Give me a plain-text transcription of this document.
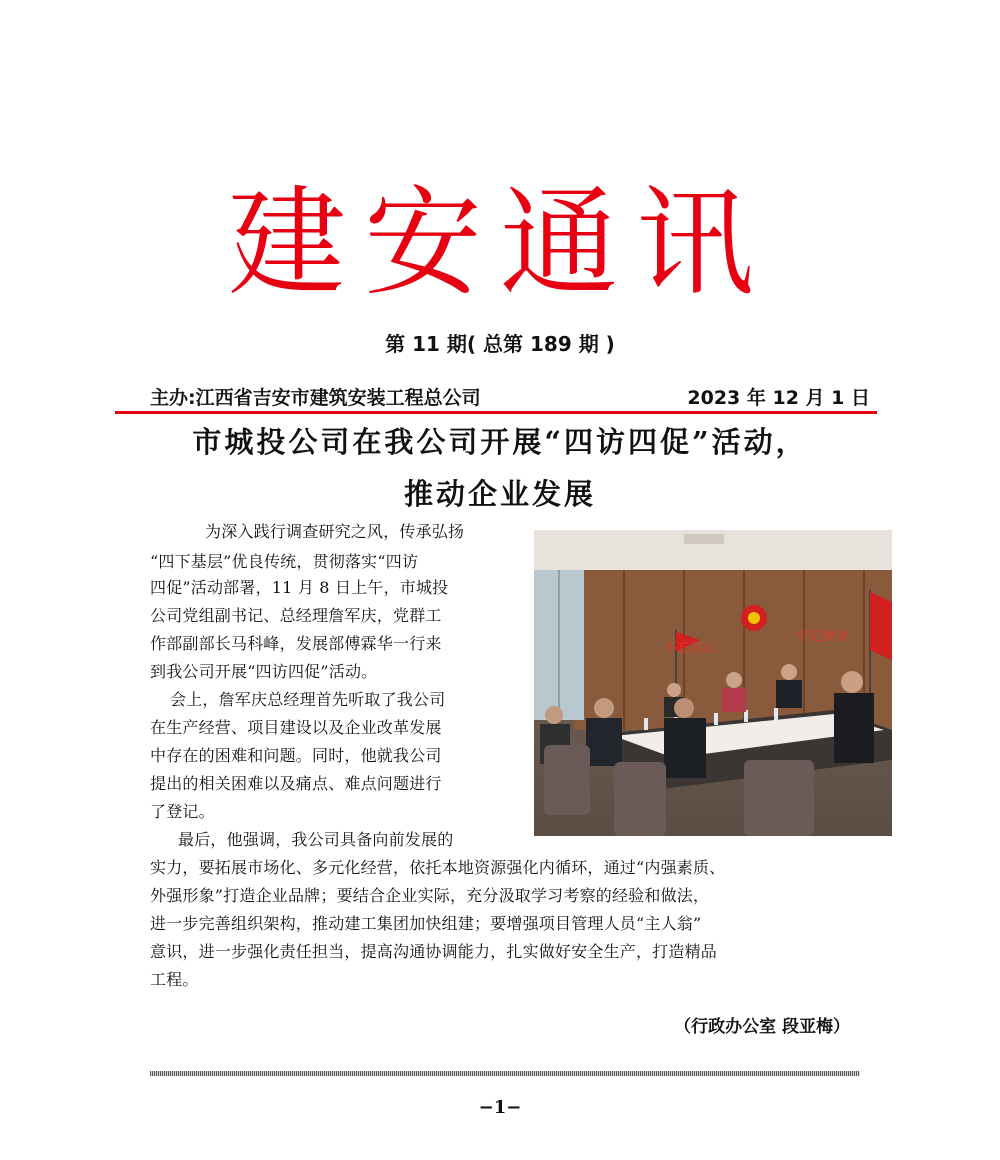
建安通讯
第 11 期( 总第 189 期 )
主办:江西省吉安市建筑安装工程总公司	2023 年 12 月 1 日
市城投公司在我公司开展“四访四促”活动，
推动企业发展
不忘初心
牢记使命
为深入践行调查研究之风，传承弘扬
“四下基层”优良传统，贯彻落实“四访
四促”活动部署，11 月 8 日上午，市城投
公司党组副书记、总经理詹军庆，党群工
作部副部长马科峰，发展部傅霖华一行来
到我公司开展“四访四促”活动。
会上，詹军庆总经理首先听取了我公司
在生产经营、项目建设以及企业改革发展
中存在的困难和问题。同时，他就我公司
提出的相关困难以及痛点、难点问题进行
了登记。
最后，他强调，我公司具备向前发展的
实力，要拓展市场化、多元化经营，依托本地资源强化内循环，通过“内强素质、
外强形象”打造企业品牌；要结合企业实际，充分汲取学习考察的经验和做法，
进一步完善组织架构，推动建工集团加快组建；要增强项目管理人员“主人翁”
意识，进一步强化责任担当，提高沟通协调能力，扎实做好安全生产，打造精品
工程。
（行政办公室 段亚梅）
−1−
